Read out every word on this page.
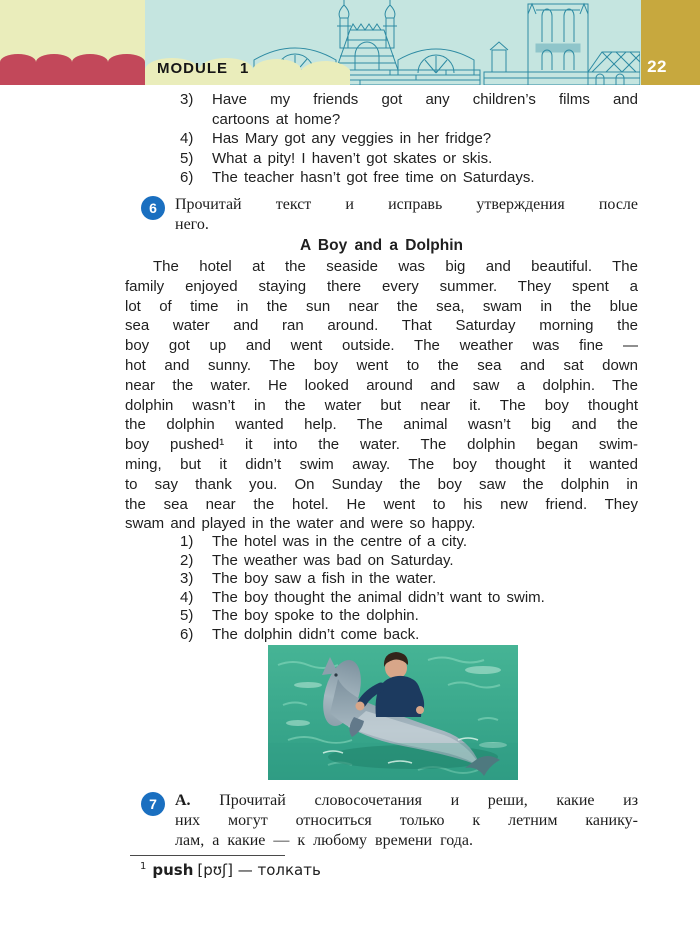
22
MODULE 1
3)	Have my friends got any children’s films and
cartoons at home?
4)	Has Mary got any veggies in her fridge?
5)	What a pity! I haven’t got skates or skis.
6)	The teacher hasn’t got free time on Saturdays.
6	Прочитай текст и исправь утверждения после
него.
A Boy and a Dolphin
The hotel at the seaside was big and beautiful. The
family enjoyed staying there every summer. They spent a
lot of time in the sun near the sea, swam in the blue
sea water and ran around. That Saturday morning the
boy got up and went outside. The weather was fine —
hot and sunny. The boy went to the sea and sat down
near the water. He looked around and saw a dolphin. The
dolphin wasn’t in the water but near it. The boy thought
the dolphin wanted help. The animal wasn’t big and the
boy pushed¹ it into the water. The dolphin began swim-
ming, but it didn’t swim away. The boy thought it wanted
to say thank you. On Sunday the boy saw the dolphin in
the sea near the hotel. He went to his new friend. They
swam and played in the water and were so happy.
1)	The hotel was in the centre of a city.
2)	The weather was bad on Saturday.
3)	The boy saw a fish in the water.
4)	The boy thought the animal didn’t want to swim.
5)	The boy spoke to the dolphin.
6)	The dolphin didn’t come back.
7	А. Прочитай словосочетания и реши, какие из
них могут относиться только к летним канику-
лам, а какие — к любому времени года.
$^1$ push [pʊʃ] — толкать
